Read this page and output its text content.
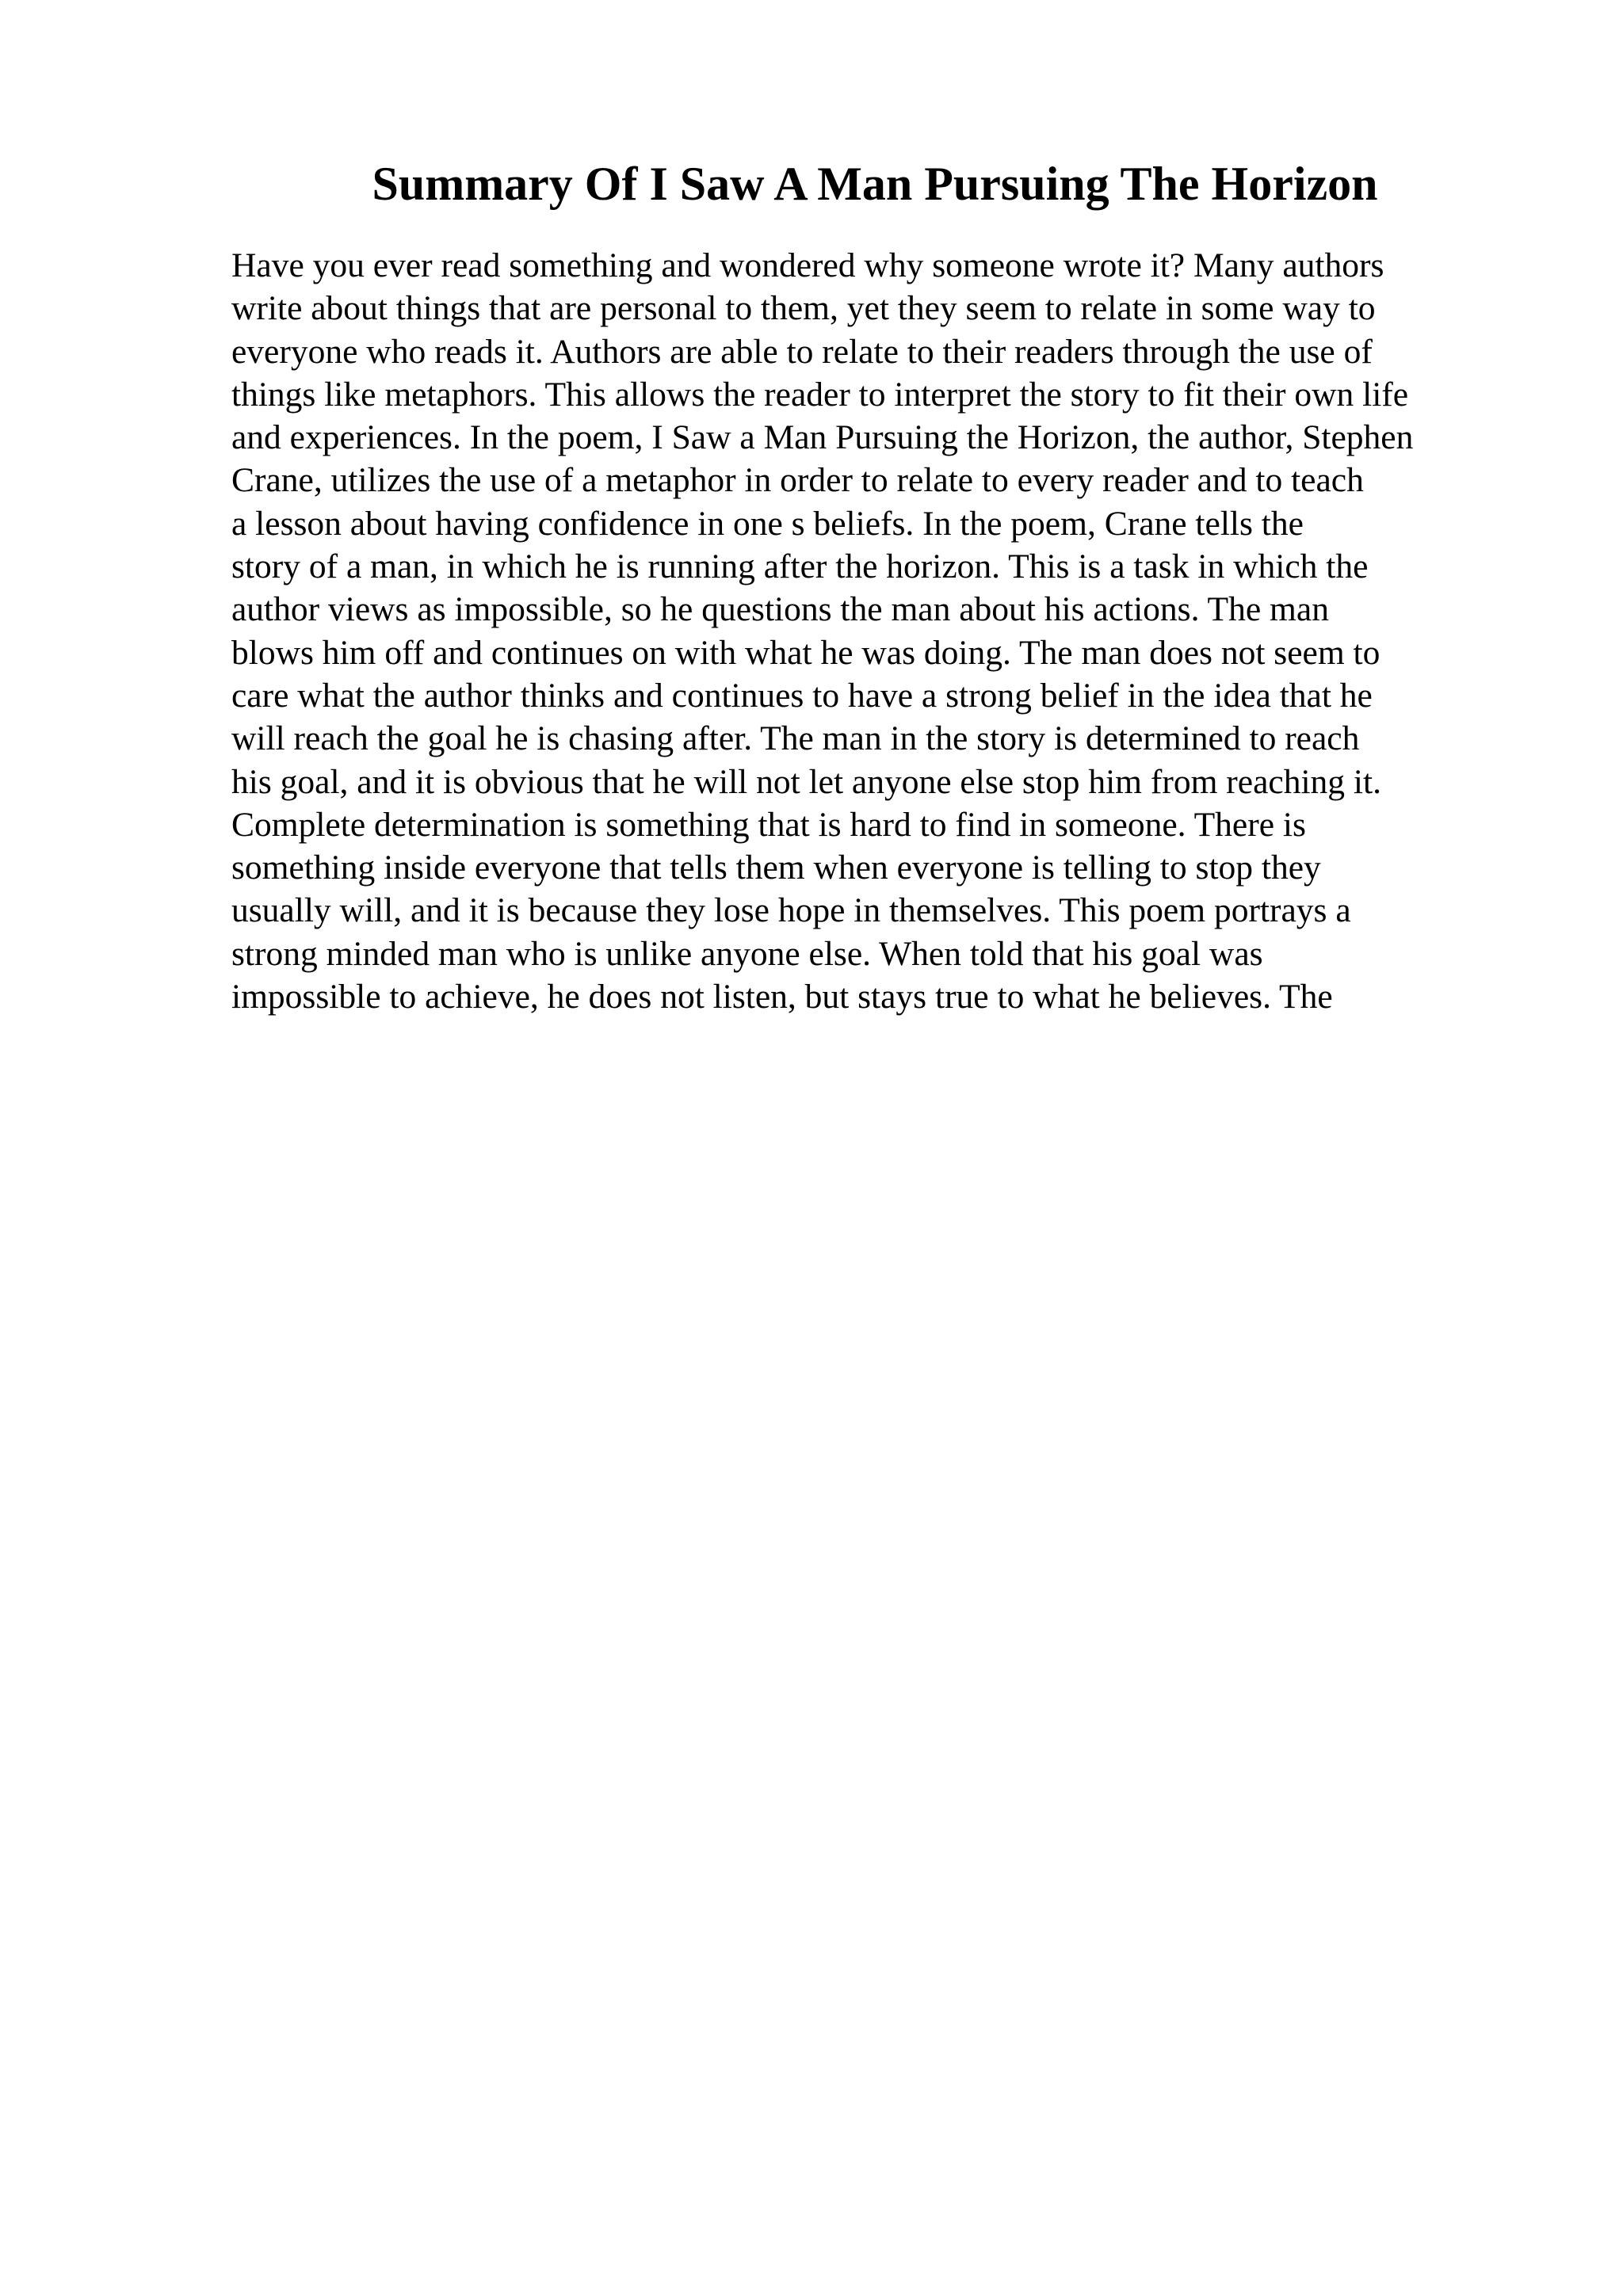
Summary Of I Saw A Man Pursuing The Horizon
Have you ever read something and wondered why someone wrote it? Many authors
write about things that are personal to them, yet they seem to relate in some way to
everyone who reads it. Authors are able to relate to their readers through the use of
things like metaphors. This allows the reader to interpret the story to fit their own life
and experiences. In the poem, I Saw a Man Pursuing the Horizon, the author, Stephen
Crane, utilizes the use of a metaphor in order to relate to every reader and to teach
a lesson about having confidence in one s beliefs. In the poem, Crane tells the
story of a man, in which he is running after the horizon. This is a task in which the
author views as impossible, so he questions the man about his actions. The man
blows him off and continues on with what he was doing. The man does not seem to
care what the author thinks and continues to have a strong belief in the idea that he
will reach the goal he is chasing after. The man in the story is determined to reach
his goal, and it is obvious that he will not let anyone else stop him from reaching it.
Complete determination is something that is hard to find in someone. There is
something inside everyone that tells them when everyone is telling to stop they
usually will, and it is because they lose hope in themselves. This poem portrays a
strong minded man who is unlike anyone else. When told that his goal was
impossible to achieve, he does not listen, but stays true to what he believes. The
